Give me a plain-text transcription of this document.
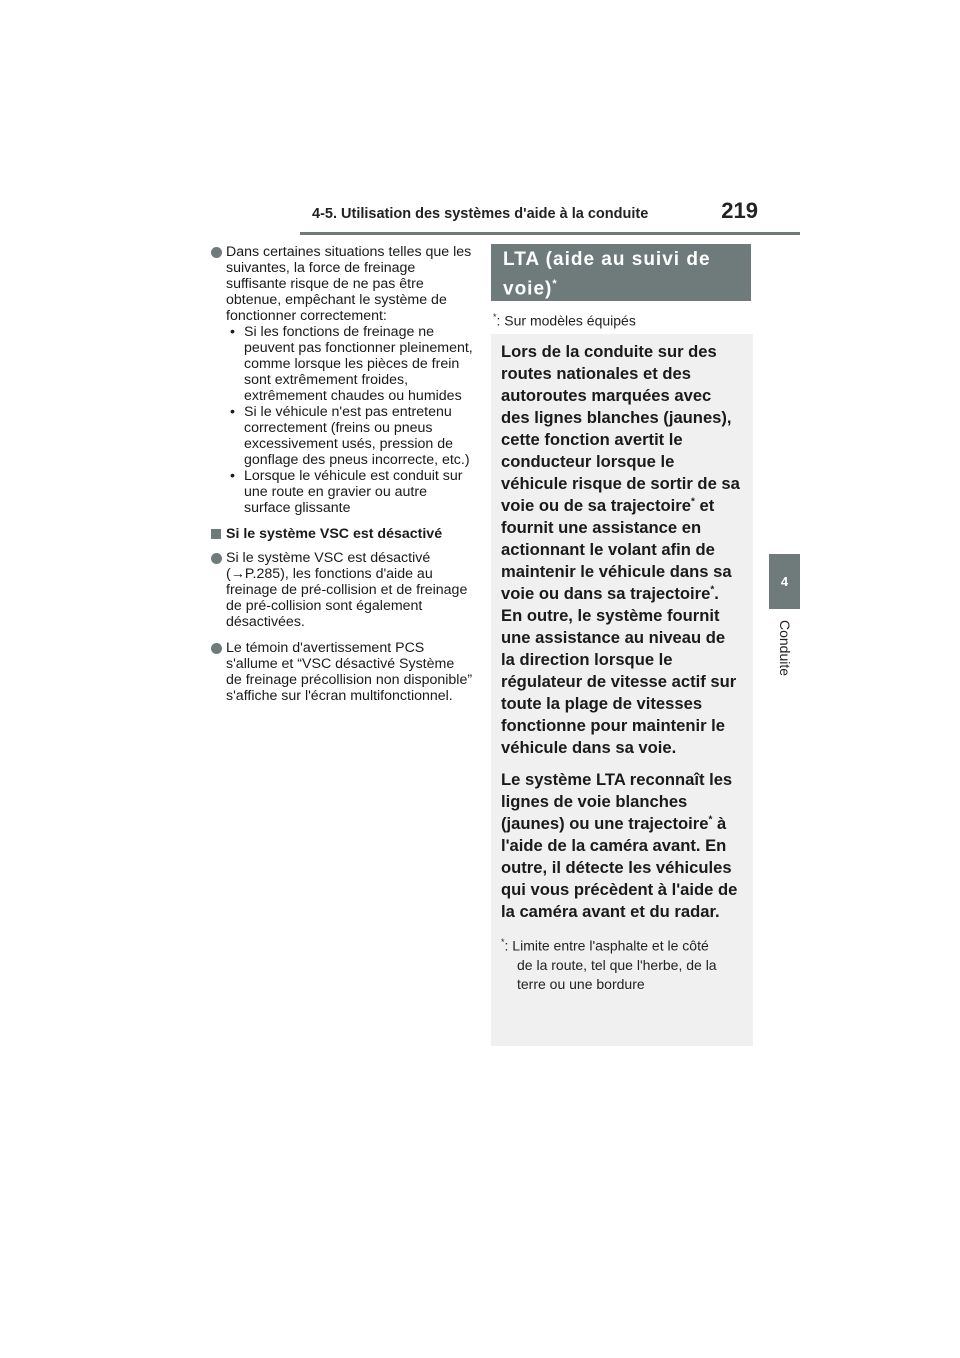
4-5. Utilisation des systèmes d'aide à la conduite	219
4
Conduite
Dans certaines situations telles que les suivantes, la force de freinage suffisante risque de ne pas être obtenue, empêchant le système de fonctionner correctement:
• Si les fonctions de freinage ne peuvent pas fonctionner pleinement, comme lorsque les pièces de frein sont extrêmement froides, extrêmement chaudes ou humides
• Si le véhicule n'est pas entretenu correctement (freins ou pneus excessivement usés, pression de gonflage des pneus incorrecte, etc.)
• Lorsque le véhicule est conduit sur une route en gravier ou autre surface glissante
Si le système VSC est désactivé
Si le système VSC est désactivé (→P.285), les fonctions d'aide au freinage de pré-collision et de freinage de pré-collision sont également désactivées.
Le témoin d'avertissement PCS s'allume et “VSC désactivé Système de freinage précollision non disponible” s'affiche sur l'écran multifonctionnel.
LTA (aide au suivi de voie)*
*: Sur modèles équipés

Lors de la conduite sur des routes nationales et des autoroutes marquées avec des lignes blanches (jaunes), cette fonction avertit le conducteur lorsque le véhicule risque de sortir de sa voie ou de sa trajectoire* et fournit une assistance en actionnant le volant afin de maintenir le véhicule dans sa voie ou dans sa trajectoire*. En outre, le système fournit une assistance au niveau de la direction lorsque le régulateur de vitesse actif sur toute la plage de vitesses fonctionne pour maintenir le véhicule dans sa voie.

Le système LTA reconnaît les lignes de voie blanches (jaunes) ou une trajectoire* à l'aide de la caméra avant. En outre, il détecte les véhicules qui vous précèdent à l'aide de la caméra avant et du radar.

*: Limite entre l'asphalte et le côté
de la route, tel que l'herbe, de la terre ou une bordure
